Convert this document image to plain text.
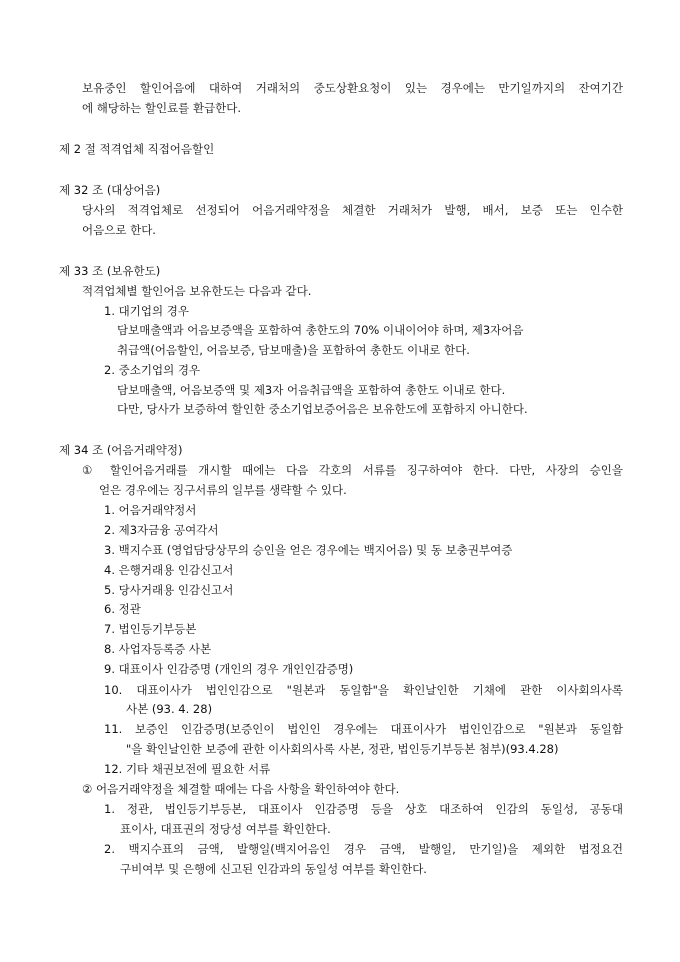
보유중인 할인어음에 대하여 거래처의 중도상환요청이 있는 경우에는 만기일까지의 잔여기간
에 해당하는 할인료를 환급한다.
제 2 절 적격업체 직접어음할인
제 32 조 (대상어음)
당사의 적격업체로 선정되어 어음거래약정을 체결한 거래처가 발행, 배서, 보증 또는 인수한
어음으로 한다.
제 33 조 (보유한도)
적격업체별 할인어음 보유한도는 다음과 같다.
1. 대기업의 경우
담보매출액과 어음보증액을 포함하여 총한도의 70% 이내이어야 하며, 제3자어음
취급액(어음할인, 어음보증, 담보매출)을 포함하여 총한도 이내로 한다.
2. 중소기업의 경우
담보매출액, 어음보증액 및 제3자 어음취급액을 포함하여 총한도 이내로 한다.
다만, 당사가 보증하여 할인한 중소기업보증어음은 보유한도에 포함하지 아니한다.
제 34 조 (어음거래약정)
① 할인어음거래를 개시할 때에는 다음 각호의 서류를 징구하여야 한다. 다만, 사장의 승인을
얻은 경우에는 징구서류의 일부를 생략할 수 있다.
1. 어음거래약정서
2. 제3자금융 공여각서
3. 백지수표 (영업담당상무의 승인을 얻은 경우에는 백지어음) 및 동 보충권부여증
4. 은행거래용 인감신고서
5. 당사거래용 인감신고서
6. 정관
7. 법인등기부등본
8. 사업자등록증 사본
9. 대표이사 인감증명 (개인의 경우 개인인감증명)
10. 대표이사가 법인인감으로 "원본과 동일함"을 확인날인한 기채에 관한 이사회의사록
사본 (93. 4. 28)
11. 보증인 인감증명(보증인이 법인인 경우에는 대표이사가 법인인감으로 "원본과 동일함
"을 확인날인한 보증에 관한 이사회의사록 사본, 정관, 법인등기부등본 첨부)(93.4.28)
12. 기타 채권보전에 필요한 서류
② 어음거래약정을 체결할 때에는 다음 사항을 확인하여야 한다.
1. 정관, 법인등기부등본, 대표이사 인감증명 등을 상호 대조하여 인감의 동일성, 공동대
표이사, 대표권의 정당성 여부를 확인한다.
2. 백지수표의 금액, 발행일(백지어음인 경우 금액, 발행일, 만기일)을 제외한 법정요건
구비여부 및 은행에 신고된 인감과의 동일성 여부를 확인한다.
